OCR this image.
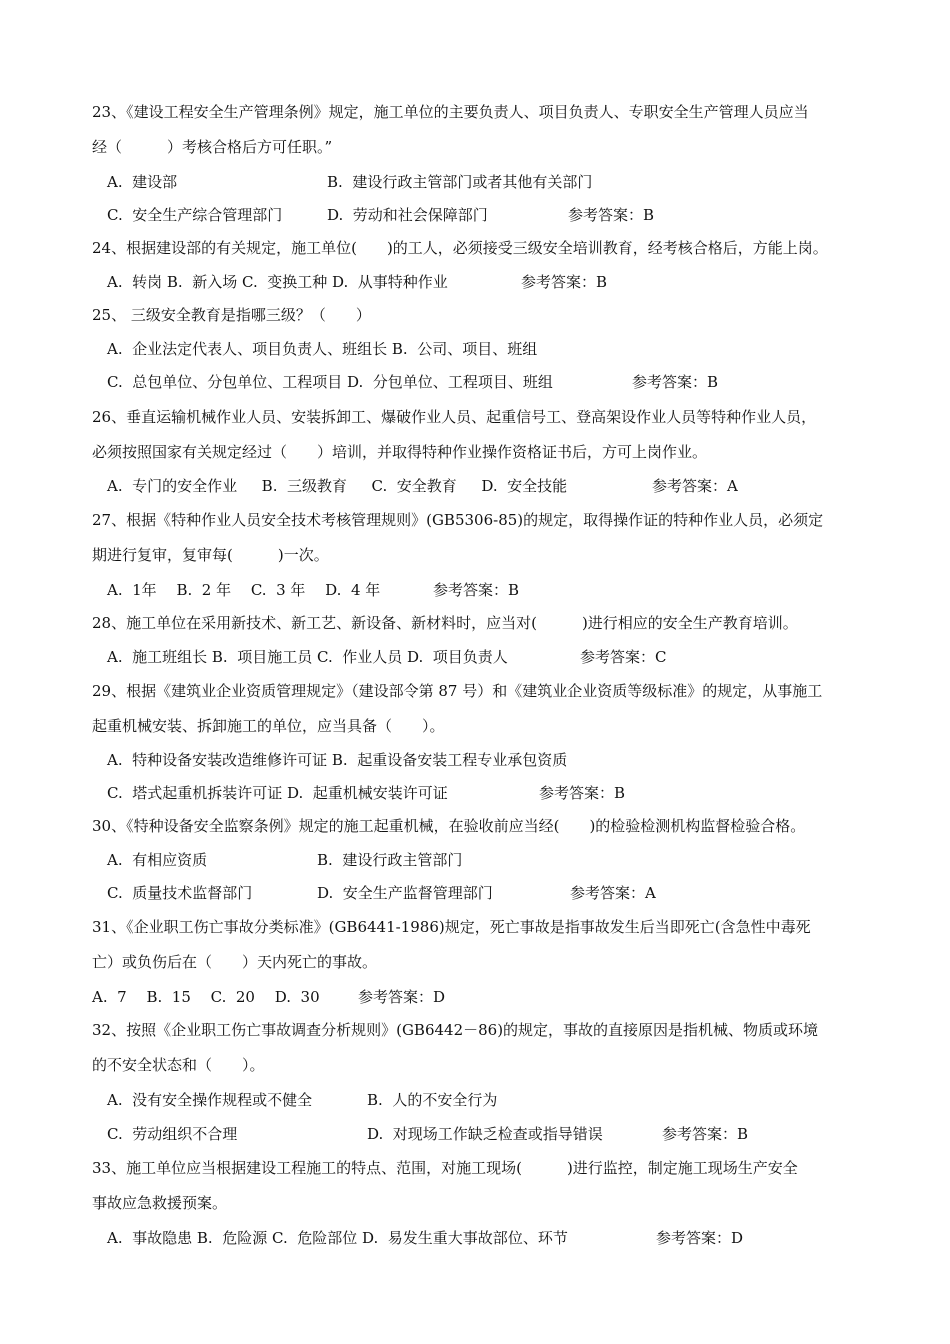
23、《建设工程安全生产管理条例》规定，施工单位的主要负责人、项目负责人、专职安全生产管理人员应当
经（　　　）考核合格后方可任职。”
A.  建设部	B.  建设行政主管部门或者其他有关部门
C.  安全生产综合管理部门	D.  劳动和社会保障部门	参考答案：B
24、根据建设部的有关规定，施工单位(　　)的工人，必须接受三级安全培训教育，经考核合格后，方能上岗。
A.  转岗 B.  新入场 C.  变换工种 D.  从事特种作业	参考答案：B
25、 三级安全教育是指哪三级？（　　）
A.  企业法定代表人、项目负责人、班组长 B.  公司、项目、班组
C.  总包单位、分包单位、工程项目 D.  分包单位、工程项目、班组	参考答案：B
26、垂直运输机械作业人员、安装拆卸工、爆破作业人员、起重信号工、登高架设作业人员等特种作业人员，
必须按照国家有关规定经过（　　）培训，并取得特种作业操作资格证书后，方可上岗作业。
A.  专门的安全作业　  B.  三级教育　  C.  安全教育　  D.  安全技能	参考答案：A
27、根据《特种作业人员安全技术考核管理规则》(GB5306-85)的规定，取得操作证的特种作业人员，必须定
期进行复审，复审每(　　　)一次。
A.  1年　 B.  2 年　 C.  3 年　 D.  4 年	参考答案：B
28、施工单位在采用新技术、新工艺、新设备、新材料时，应当对(　　　)进行相应的安全生产教育培训。
A.  施工班组长 B.  项目施工员 C.  作业人员 D.  项目负责人	参考答案：C
29、根据《建筑业企业资质管理规定》（建设部令第 87 号）和《建筑业企业资质等级标准》的规定，从事施工
起重机械安装、拆卸施工的单位，应当具备（　　）。
A.  特种设备安装改造维修许可证 B.  起重设备安装工程专业承包资质
C.  塔式起重机拆装许可证 D.  起重机械安装许可证	参考答案：B
30、《特种设备安全监察条例》规定的施工起重机械，在验收前应当经(　　)的检验检测机构监督检验合格。
A.  有相应资质	B.  建设行政主管部门
C.  质量技术监督部门	D.  安全生产监督管理部门	参考答案：A
31、《企业职工伤亡事故分类标准》(GB6441-1986)规定，死亡事故是指事故发生后当即死亡(含急性中毒死
亡）或负伤后在（　　）天内死亡的事故。
A.  7　 B.  15　 C.  20　 D.  30	参考答案：D
32、按照《企业职工伤亡事故调查分析规则》(GB6442－86)的规定，事故的直接原因是指机械、物质或环境
的不安全状态和（　　）。
A.  没有安全操作规程或不健全	B.  人的不安全行为
C.  劳动组织不合理	D.  对现场工作缺乏检查或指导错误	参考答案：B
33、施工单位应当根据建设工程施工的特点、范围，对施工现场(　　　)进行监控，制定施工现场生产安全
事故应急救援预案。
A.  事故隐患 B.  危险源 C.  危险部位 D.  易发生重大事故部位、环节	参考答案：D
